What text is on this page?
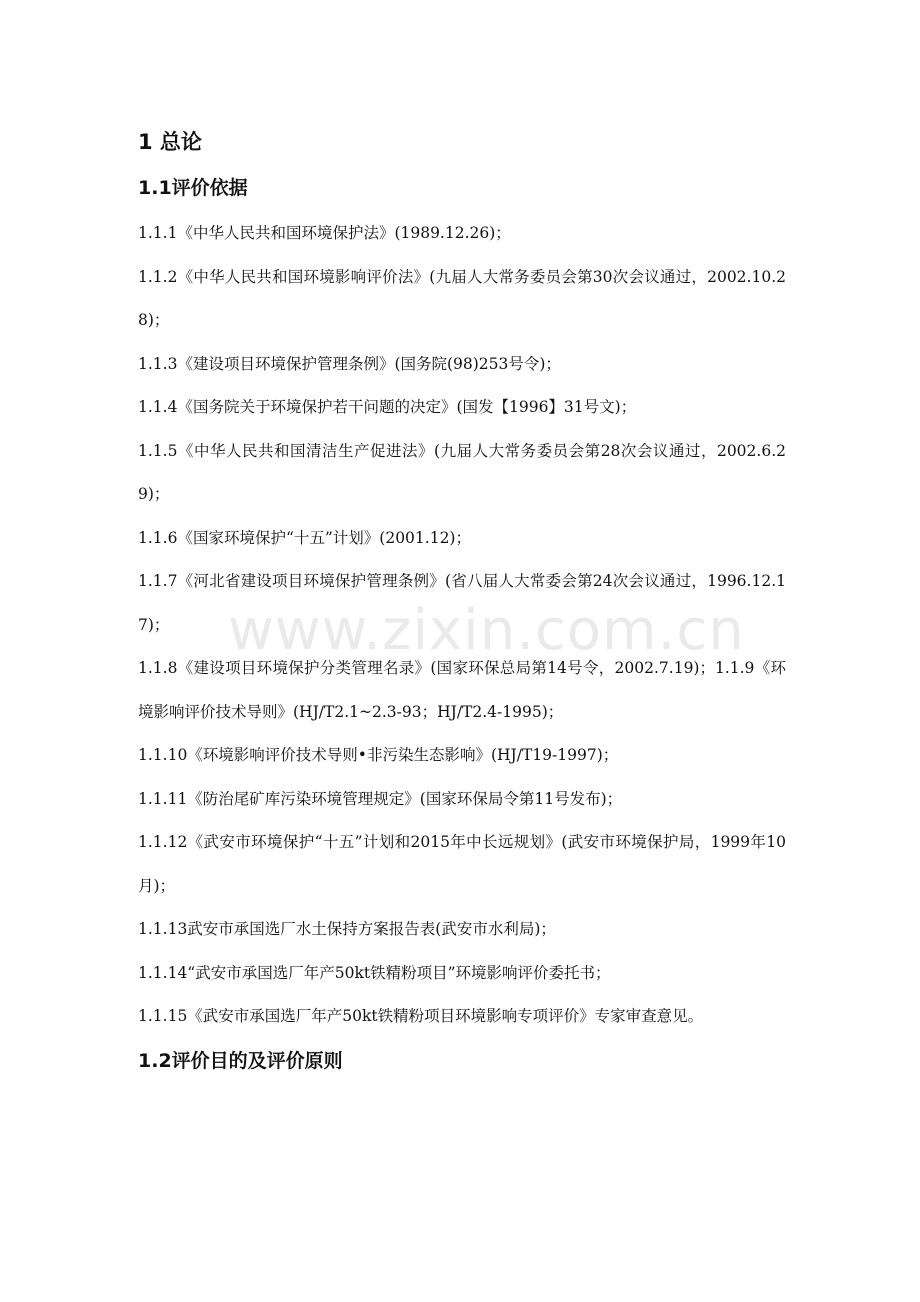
1 总论
1.1评价依据

1.1.1《中华人民共和国环境保护法》(1989.12.26)；

1.1.2《中华人民共和国环境影响评价法》(九届人大常务委员会第30次会议通过，2002.10.28)；

1.1.3《建设项目环境保护管理条例》(国务院(98)253号令)；

1.1.4《国务院关于环境保护若干问题的决定》(国发【1996】31号文)；

1.1.5《中华人民共和国清洁生产促进法》(九届人大常务委员会第28次会议通过，2002.6.29)；

1.1.6《国家环境保护“十五”计划》(2001.12)；

1.1.7《河北省建设项目环境保护管理条例》(省八届人大常委会第24次会议通过，1996.12.17)；

1.1.8《建设项目环境保护分类管理名录》(国家环保总局第14号令，2002.7.19)；1.1.9《环境影响评价技术导则》(HJ/T2.1~2.3-93；HJ/T2.4-1995)；

1.1.10《环境影响评价技术导则•非污染生态影响》(HJ/T19-1997)；

1.1.11《防治尾矿库污染环境管理规定》(国家环保局令第11号发布)；

1.1.12《武安市环境保护“十五”计划和2015年中长远规划》(武安市环境保护局，1999年10月)；

1.1.13武安市承国选厂水土保持方案报告表(武安市水利局)；

1.1.14“武安市承国选厂年产50kt铁精粉项目”环境影响评价委托书；

1.1.15《武安市承国选厂年产50kt铁精粉项目环境影响专项评价》专家审查意见。

1.2评价目的及评价原则
www.zixin.com.cn
